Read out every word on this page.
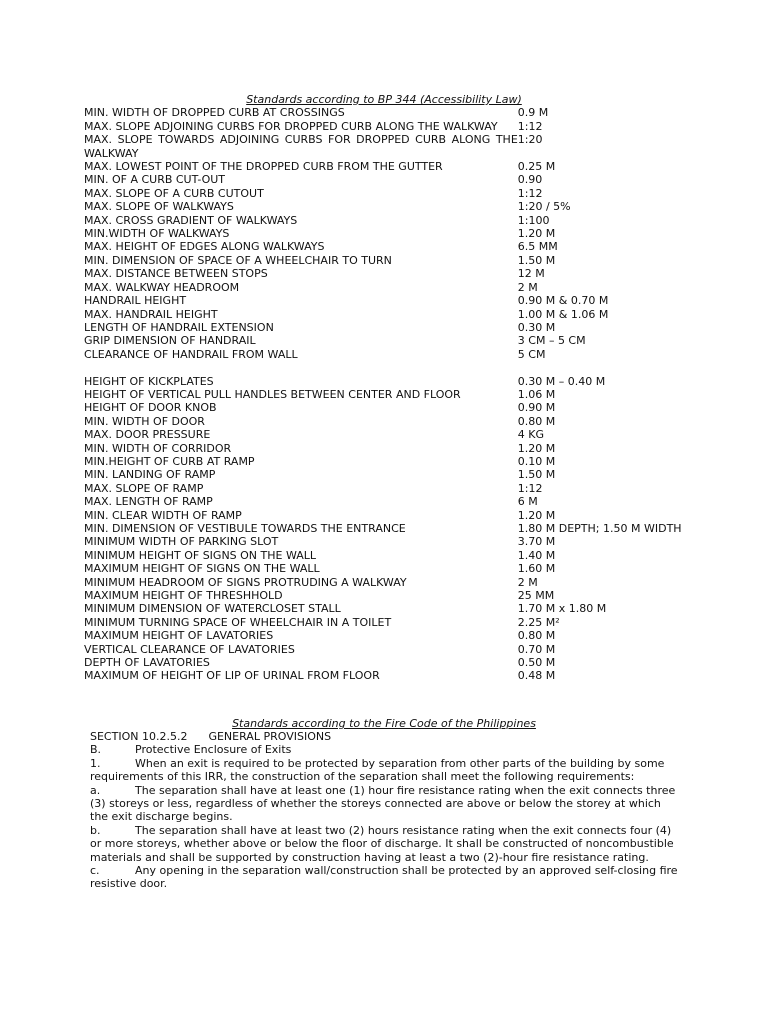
Standards according to BP 344 (Accessibility Law)
MIN. WIDTH OF DROPPED CURB AT CROSSINGS	0.9 M
MAX. SLOPE ADJOINING CURBS FOR DROPPED CURB ALONG THE WALKWAY	1:12
MAX. SLOPE TOWARDS ADJOINING CURBS FOR DROPPED CURB ALONG THE WALKWAY	1:20
MAX. LOWEST POINT OF THE DROPPED CURB FROM THE GUTTER	0.25 M
MIN. OF A CURB CUT-OUT	0.90
MAX. SLOPE OF A CURB CUTOUT	1:12
MAX. SLOPE OF WALKWAYS	1:20 / 5%
MAX. CROSS GRADIENT OF WALKWAYS	1:100
MIN.WIDTH OF WALKWAYS	1.20 M
MAX. HEIGHT OF EDGES ALONG WALKWAYS	6.5 MM
MIN. DIMENSION OF SPACE OF A WHEELCHAIR TO TURN	1.50 M
MAX. DISTANCE BETWEEN STOPS	12 M
MAX. WALKWAY HEADROOM	2 M
HANDRAIL HEIGHT	0.90 M & 0.70 M
MAX. HANDRAIL HEIGHT	1.00 M & 1.06 M
LENGTH OF HANDRAIL EXTENSION	0.30 M
GRIP DIMENSION OF HANDRAIL	3 CM – 5 CM
CLEARANCE OF HANDRAIL FROM WALL	5 CM

HEIGHT OF KICKPLATES	0.30 M – 0.40 M
HEIGHT OF VERTICAL PULL HANDLES BETWEEN CENTER AND FLOOR	1.06 M
HEIGHT OF DOOR KNOB	0.90 M
MIN. WIDTH OF DOOR	0.80 M
MAX. DOOR PRESSURE	4 KG
MIN. WIDTH OF CORRIDOR	1.20 M
MIN.HEIGHT OF CURB AT RAMP	0.10 M
MIN. LANDING OF RAMP	1.50 M
MAX. SLOPE OF RAMP	1:12
MAX. LENGTH OF RAMP	6 M
MIN. CLEAR WIDTH OF RAMP	1.20 M
MIN. DIMENSION OF VESTIBULE TOWARDS THE ENTRANCE	1.80 M DEPTH; 1.50 M WIDTH
MINIMUM WIDTH OF PARKING SLOT	3.70 M
MINIMUM HEIGHT OF SIGNS ON THE WALL	1.40 M
MAXIMUM HEIGHT OF SIGNS ON THE WALL	1.60 M
MINIMUM HEADROOM OF SIGNS PROTRUDING A WALKWAY	2 M
MAXIMUM HEIGHT OF THRESHHOLD	25 MM
MINIMUM DIMENSION OF WATERCLOSET STALL	1.70 M x 1.80 M
MINIMUM TURNING SPACE OF WHEELCHAIR IN A TOILET	2.25 M²
MAXIMUM HEIGHT OF LAVATORIES	0.80 M
VERTICAL CLEARANCE OF LAVATORIES	0.70 M
DEPTH OF LAVATORIES	0.50 M
MAXIMUM OF HEIGHT OF LIP OF URINAL FROM FLOOR	0.48 M
Standards according to the Fire Code of the Philippines
SECTION 10.2.5.2 GENERAL PROVISIONS
B.	Protective Enclosure of Exits
1.	When an exit is required to be protected by separation from other parts of the building by some requirements of this IRR, the construction of the separation shall meet the following requirements:
a.	The separation shall have at least one (1) hour fire resistance rating when the exit connects three (3) storeys or less, regardless of whether the storeys connected are above or below the storey at which the exit discharge begins.
b.	The separation shall have at least two (2) hours resistance rating when the exit connects four (4) or more storeys, whether above or below the floor of discharge. It shall be constructed of noncombustible materials and shall be supported by construction having at least a two (2)-hour fire resistance rating.
c.	Any opening in the separation wall/construction shall be protected by an approved self-closing fire resistive door.
